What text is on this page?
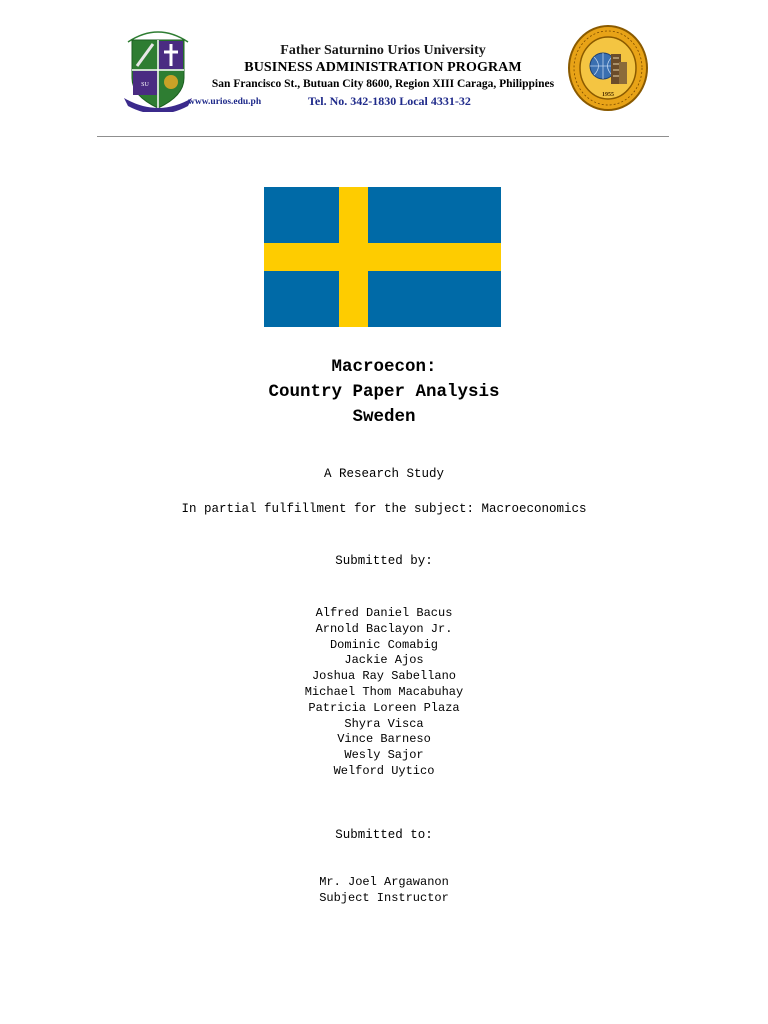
SU
Father Saturnino Urios University
BUSINESS ADMINISTRATION PROGRAM
San Francisco St., Butuan City 8600, Region XIII Caraga, Philippines
www.urios.edu.ph	Tel. No. 342-1830 Local 4331-32	1955
Macroecon:
Country Paper Analysis
Sweden
A Research Study
In partial fulfillment for the subject: Macroeconomics
Submitted by:
Alfred Daniel Bacus
Arnold Baclayon Jr.
Dominic Comabig
Jackie Ajos
Joshua Ray Sabellano
Michael Thom Macabuhay
Patricia Loreen Plaza
Shyra Visca
Vince Barneso
Wesly Sajor
Welford Uytico
Submitted to:
Mr. Joel Argawanon
Subject Instructor
